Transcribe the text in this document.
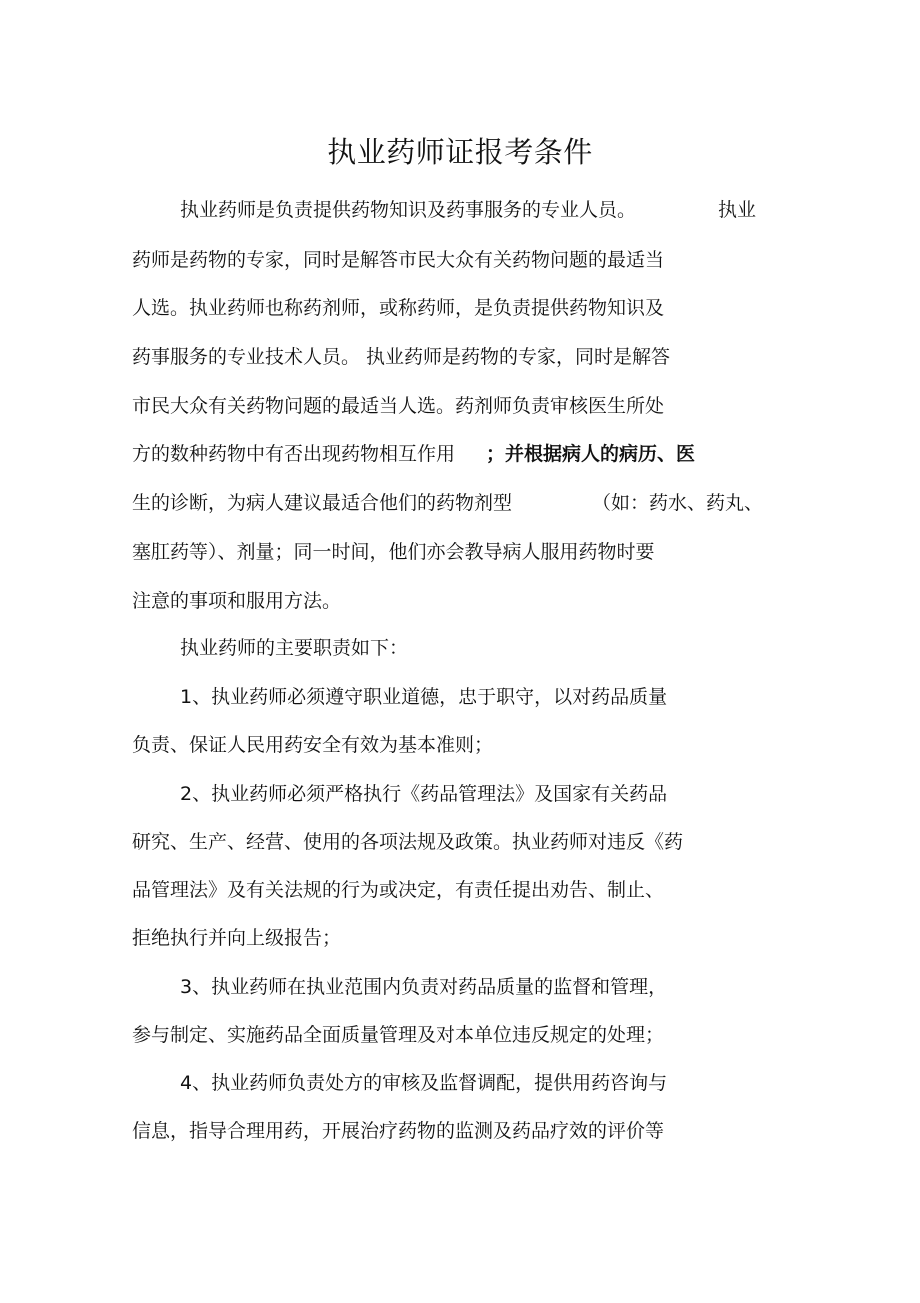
执业药师证报考条件
执业药师是负责提供药物知识及药事服务的专业人员。	执业
药师是药物的专家，同时是解答市民大众有关药物问题的最适当
人选。执业药师也称药剂师，或称药师，是负责提供药物知识及
药事服务的专业技术人员。 执业药师是药物的专家，同时是解答
市民大众有关药物问题的最适当人选。药剂师负责审核医生所处
方的数种药物中有否出现药物相互作用 ；并根据病人的病历、医
生的诊断，为病人建议最适合他们的药物剂型	（如：药水、药丸、
塞肛药等）、剂量；同一时间，他们亦会教导病人服用药物时要
注意的事项和服用方法。
执业药师的主要职责如下：
1、执业药师必须遵守职业道德，忠于职守，以对药品质量
负责、保证人民用药安全有效为基本准则；
2、执业药师必须严格执行《药品管理法》及国家有关药品
研究、生产、经营、使用的各项法规及政策。执业药师对违反《药
品管理法》及有关法规的行为或决定，有责任提出劝告、制止、
拒绝执行并向上级报告；
3、执业药师在执业范围内负责对药品质量的监督和管理，
参与制定、实施药品全面质量管理及对本单位违反规定的处理；
4、执业药师负责处方的审核及监督调配，提供用药咨询与
信息，指导合理用药，开展治疗药物的监测及药品疗效的评价等
